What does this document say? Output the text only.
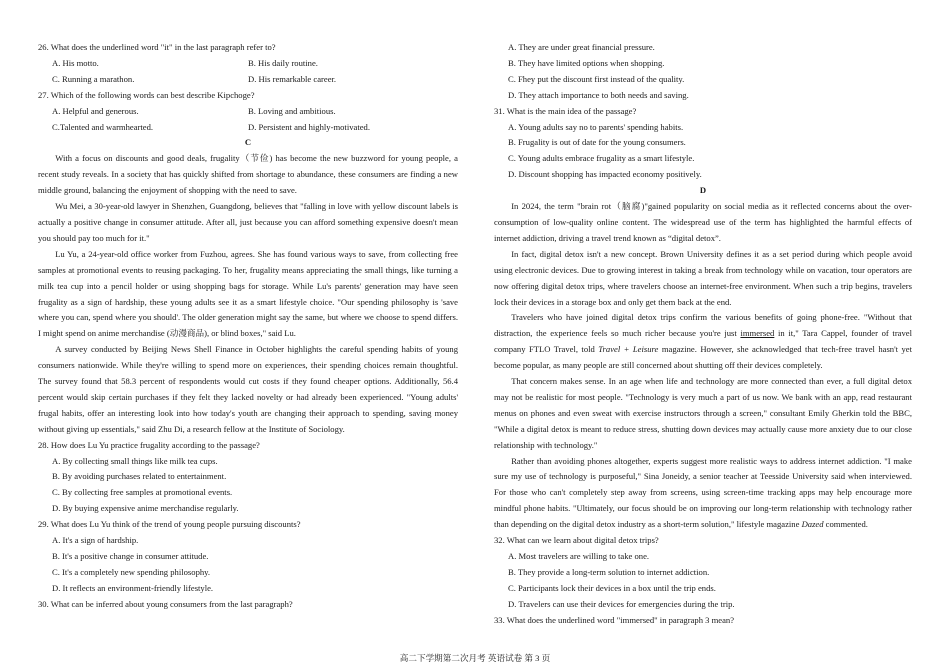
26. What does the underlined word "it" in the last paragraph refer to?
A. His motto.	B. His daily routine.
C. Running a marathon.	D. His remarkable career.
27. Which of the following words can best describe Kipchoge?
A. Helpful and generous.	B. Loving and ambitious.
C.Talented and warmhearted.	D. Persistent and highly-motivated.
C

With a focus on discounts and good deals, frugality（节俭) has become the new buzzword for young people, a recent study reveals. In a society that has quickly shifted from shortage to abundance, these consumers are finding a new middle ground, balancing the enjoyment of shopping with the need to save.

Wu Mei, a 30-year-old lawyer in Shenzhen, Guangdong, believes that "falling in love with yellow discount labels is actually a positive change in consumer attitude. After all, just because you can afford something expensive doesn't mean you should pay too much for it."

Lu Yu, a 24-year-old office worker from Fuzhou, agrees. She has found various ways to save, from collecting free samples at promotional events to reusing packaging. To her, frugality means appreciating the small things, like turning a milk tea cup into a pencil holder or using shopping bags for storage. While Lu's parents' generation may have seen frugality as a sign of hardship, these young adults see it as a smart lifestyle choice. "Our spending philosophy is 'save where you can, spend where you should'. The older generation might say the same, but where we choose to spend differs. I might spend on anime merchandise (动漫商品), or blind boxes," said Lu.

A survey conducted by Beijing News Shell Finance in October highlights the careful spending habits of young consumers nationwide. While they're willing to spend more on experiences, their spending choices remain thoughtful. The survey found that 58.3 percent of respondents would cut costs if they found cheaper options. Additionally, 56.4 percent would skip certain purchases if they felt they lacked novelty or had already been experienced. "Young adults' frugal habits, offer an interesting look into how today's youth are changing their approach to spending, saving money without giving up essentials," said Zhu Di, a research fellow at the Institute of Sociology.

28. How does Lu Yu practice frugality according to the passage?
A. By collecting small things like milk tea cups.
B. By avoiding purchases related to entertainment.
C. By collecting free samples at promotional events.
D. By buying expensive anime merchandise regularly.
29. What does Lu Yu think of the trend of young people pursuing discounts?
A. It's a sign of hardship.
B. It's a positive change in consumer attitude.
C. It's a completely new spending philosophy.
D. It reflects an environment-friendly lifestyle.
30. What can be inferred about young consumers from the last paragraph?
A. They are under great financial pressure.
B. They have limited options when shopping.
C. Fhey put the discount first instead of the quality.
D. They attach importance to both needs and saving.
31. What is the main idea of the passage?
A. Young adults say no to parents' spending habits.
B. Frugality is out of date for the young consumers.
C. Young adults embrace frugality as a smart lifestyle.
D. Discount shopping has impacted economy positively.
D

In 2024, the term "brain rot（脑腐)"gained popularity on social media as it reflected concerns about the over-consumption of low-quality online content. The widespread use of the term has highlighted the harmful effects of internet addiction, driving a travel trend known as “digital detox”.

In fact, digital detox isn't a new concept. Brown University defines it as a set period during which people avoid using electronic devices. Due to growing interest in taking a break from technology while on vacation, tour operators are now offering digital detox trips, where travelers choose an internet-free environment. When such a trip begins, travelers lock their devices in a storage box and only get them back at the end.

Travelers who have joined digital detox trips confirm the various benefits of going phone-free. "Without that distraction, the experience feels so much richer because you're just immersed in it," Tara Cappel, founder of travel company FTLO Travel, told Travel + Leisure magazine. However, she acknowledged that tech-free travel hasn't yet become popular, as many people are still concerned about shutting off their devices completely.

That concern makes sense. In an age when life and technology are more connected than ever, a full digital detox may not be realistic for most people. "Technology is very much a part of us now. We bank with an app, read restaurant menus on phones and even sweat with exercise instructors through a screen," consultant Emily Gherkin told the BBC, "While a digital detox is meant to reduce stress, shutting down devices may actually cause more anxiety due to our close relationship with technology."

Rather than avoiding phones altogether, experts suggest more realistic ways to address internet addiction. "I make sure my use of technology is purposeful," Sina Joneidy, a senior teacher at Teesside University said when interviewed. For those who can't completely step away from screens, using screen-time tracking apps may help encourage more mindful phone habits. "Ultimately, our focus should be on improving our long-term relationship with technology rather than depending on the digital detox industry as a short-term solution," lifestyle magazine Dazed commented.

32. What can we learn about digital detox trips?
A. Most travelers are willing to take one.
B. They provide a long-term solution to internet addiction.
C. Participants lock their devices in a box until the trip ends.
D. Travelers can use their devices for emergencies during the trip.
33. What does the underlined word "immersed" in paragraph 3 mean?
高二下学期第二次月考 英语试卷 第 3 页
